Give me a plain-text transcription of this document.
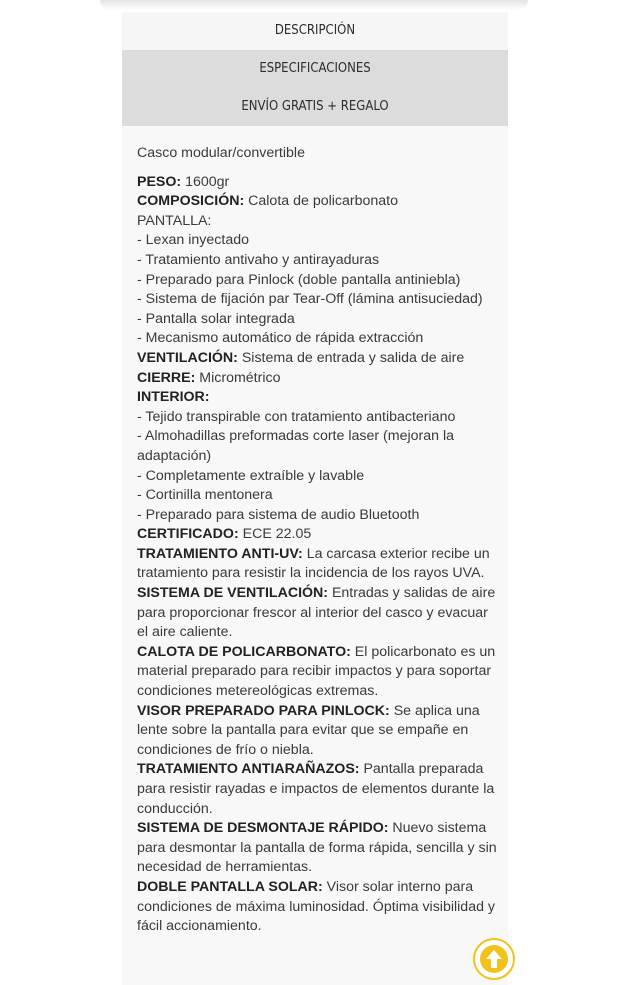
DESCRIPCIÓN
ESPECIFICACIONES
ENVÍO GRATIS + REGALO

Casco modular/convertible

PESO: 1600gr

COMPOSICIÓN: Calota de policarbonato

PANTALLA:

- Lexan inyectado

- Tratamiento antivaho y antirayaduras

- Preparado para Pinlock (doble pantalla antiniebla)

- Sistema de fijación par Tear-Off (lámina antisuciedad)

- Pantalla solar integrada

- Mecanismo automático de rápida extracción

VENTILACIÓN: Sistema de entrada y salida de aire

CIERRE: Micrométrico

INTERIOR:

- Tejido transpirable con tratamiento antibacteriano

- Almohadillas preformadas corte laser (mejoran la adaptación)

- Completamente extraíble y lavable

- Cortinilla mentonera

- Preparado para sistema de audio Bluetooth

CERTIFICADO: ECE 22.05

TRATAMIENTO ANTI-UV: La carcasa exterior recibe un tratamiento para resistir la incidencia de los rayos UVA.

SISTEMA DE VENTILACIÓN: Entradas y salidas de aire para proporcionar frescor al interior del casco y evacuar el aire caliente.

CALOTA DE POLICARBONATO: El policarbonato es un material preparado para recibir impactos y para soportar condiciones metereológicas extremas.

VISOR PREPARADO PARA PINLOCK: Se aplica una lente sobre la pantalla para evitar que se empañe en condiciones de frío o niebla.

TRATAMIENTO ANTIARAÑAZOS: Pantalla preparada para resistir rayadas e impactos de elementos durante la conducción.

SISTEMA DE DESMONTAJE RÁPIDO: Nuevo sistema para desmontar la pantalla de forma rápida, sencilla y sin necesidad de herramientas.

DOBLE PANTALLA SOLAR: Visor solar interno para condiciones de máxima luminosidad. Óptima visibilidad y fácil accionamiento.
